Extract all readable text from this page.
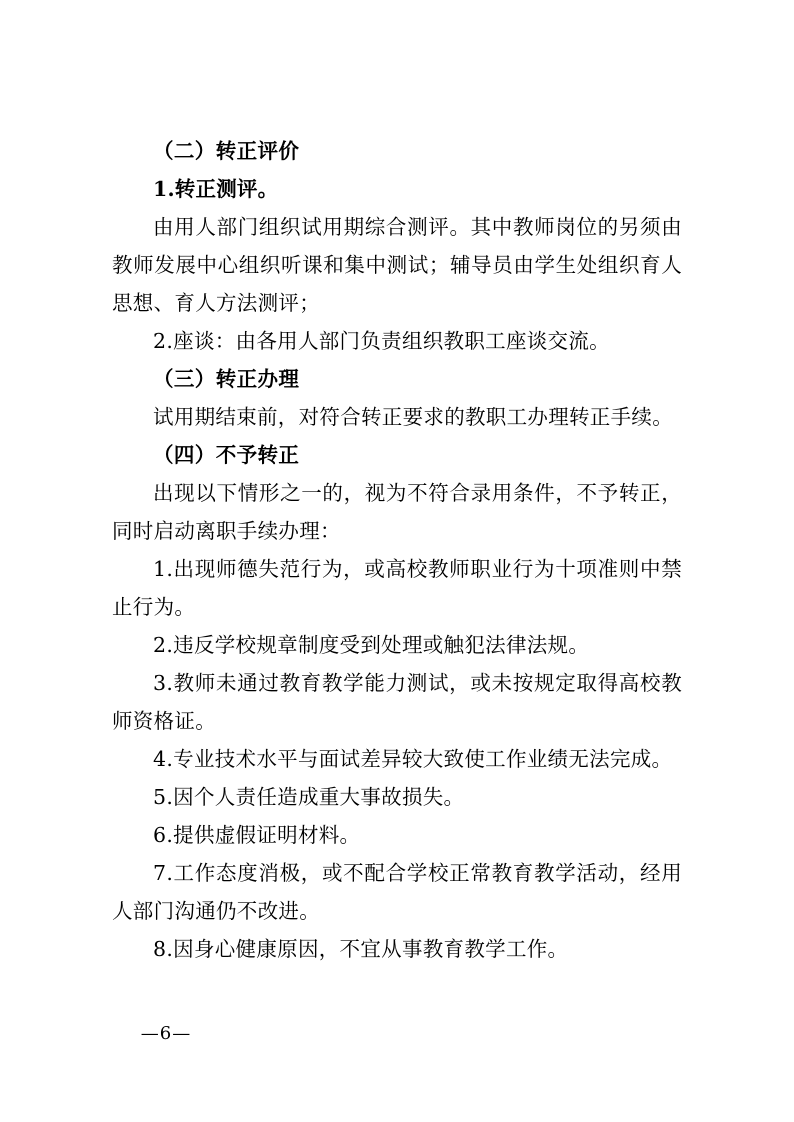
（二）转正评价

1.转正测评。

由用人部门组织试用期综合测评。其中教师岗位的另须由教师发展中心组织听课和集中测试；辅导员由学生处组织育人思想、育人方法测评；

2.座谈：由各用人部门负责组织教职工座谈交流。

（三）转正办理

试用期结束前，对符合转正要求的教职工办理转正手续。

（四）不予转正

出现以下情形之一的，视为不符合录用条件，不予转正，同时启动离职手续办理：

1.出现师德失范行为，或高校教师职业行为十项准则中禁止行为。

2.违反学校规章制度受到处理或触犯法律法规。

3.教师未通过教育教学能力测试，或未按规定取得高校教师资格证。

4.专业技术水平与面试差异较大致使工作业绩无法完成。

5.因个人责任造成重大事故损失。

6.提供虚假证明材料。

7.工作态度消极，或不配合学校正常教育教学活动，经用人部门沟通仍不改进。

8.因身心健康原因，不宜从事教育教学工作。

—6—
